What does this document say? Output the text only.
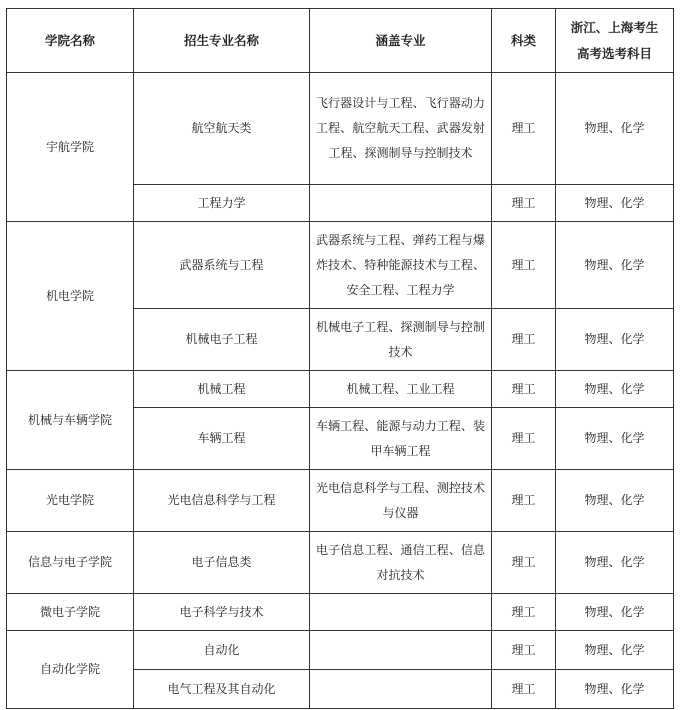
学院名称	招生专业名称	涵盖专业	科类	浙江、上海考生高考选考科目
宇航学院	航空航天类	飞行器设计与工程、飞行器动力工程、航空航天工程、武器发射工程、探测制导与控制技术	理工	物理、化学
	工程力学		理工	物理、化学
机电学院	武器系统与工程	武器系统与工程、弹药工程与爆炸技术、特种能源技术与工程、安全工程、工程力学	理工	物理、化学
	机械电子工程	机械电子工程、探测制导与控制技术	理工	物理、化学
机械与车辆学院	机械工程	机械工程、工业工程	理工	物理、化学
	车辆工程	车辆工程、能源与动力工程、装甲车辆工程	理工	物理、化学
光电学院	光电信息科学与工程	光电信息科学与工程、测控技术与仪器	理工	物理、化学
信息与电子学院	电子信息类	电子信息工程、通信工程、信息对抗技术	理工	物理、化学
微电子学院	电子科学与技术		理工	物理、化学
自动化学院	自动化		理工	物理、化学
	电气工程及其自动化		理工	物理、化学
